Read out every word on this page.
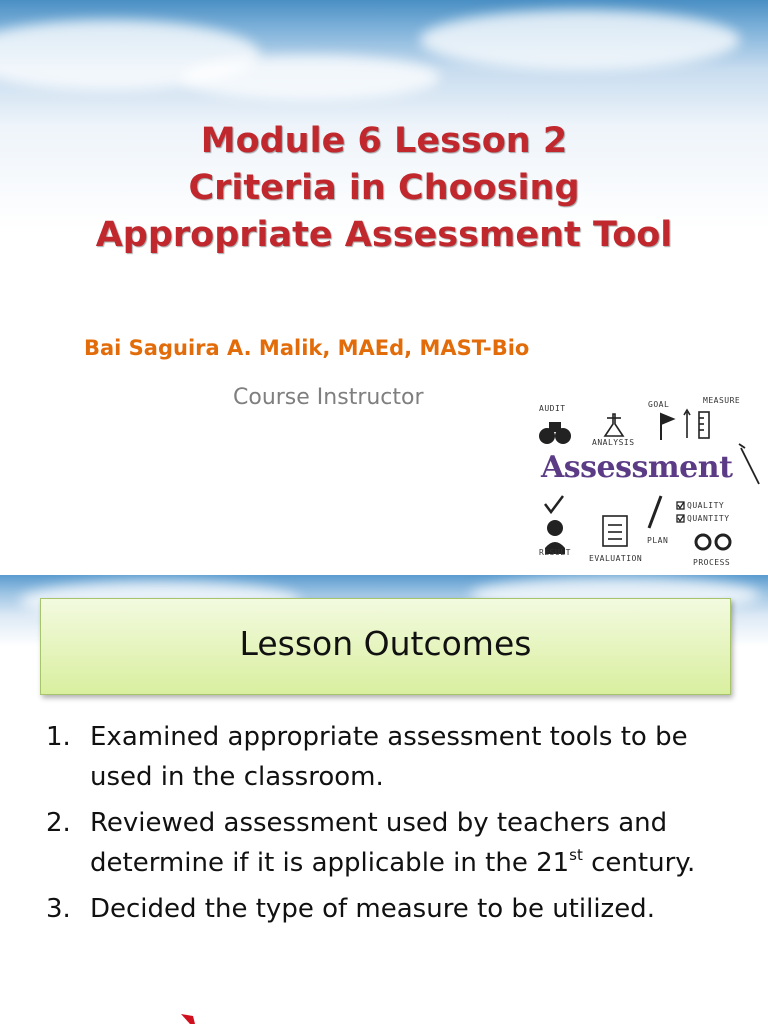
Module 6 Lesson 2
Criteria in Choosing
Appropriate Assessment Tool
Bai Saguira A. Malik, MAEd, MAST-Bio
Course Instructor	AUDIT	GOAL	MEASURE
ANALYSIS
Assessment
QUALITY
QUANTITY
RESULT
EVALUATION
PLAN
PROCESS
Lesson Outcomes
1. Examined appropriate assessment tools to be used in the classroom.
2. Reviewed assessment used by teachers and determine if it is applicable in the 21st century.
3. Decided the type of measure to be utilized.
